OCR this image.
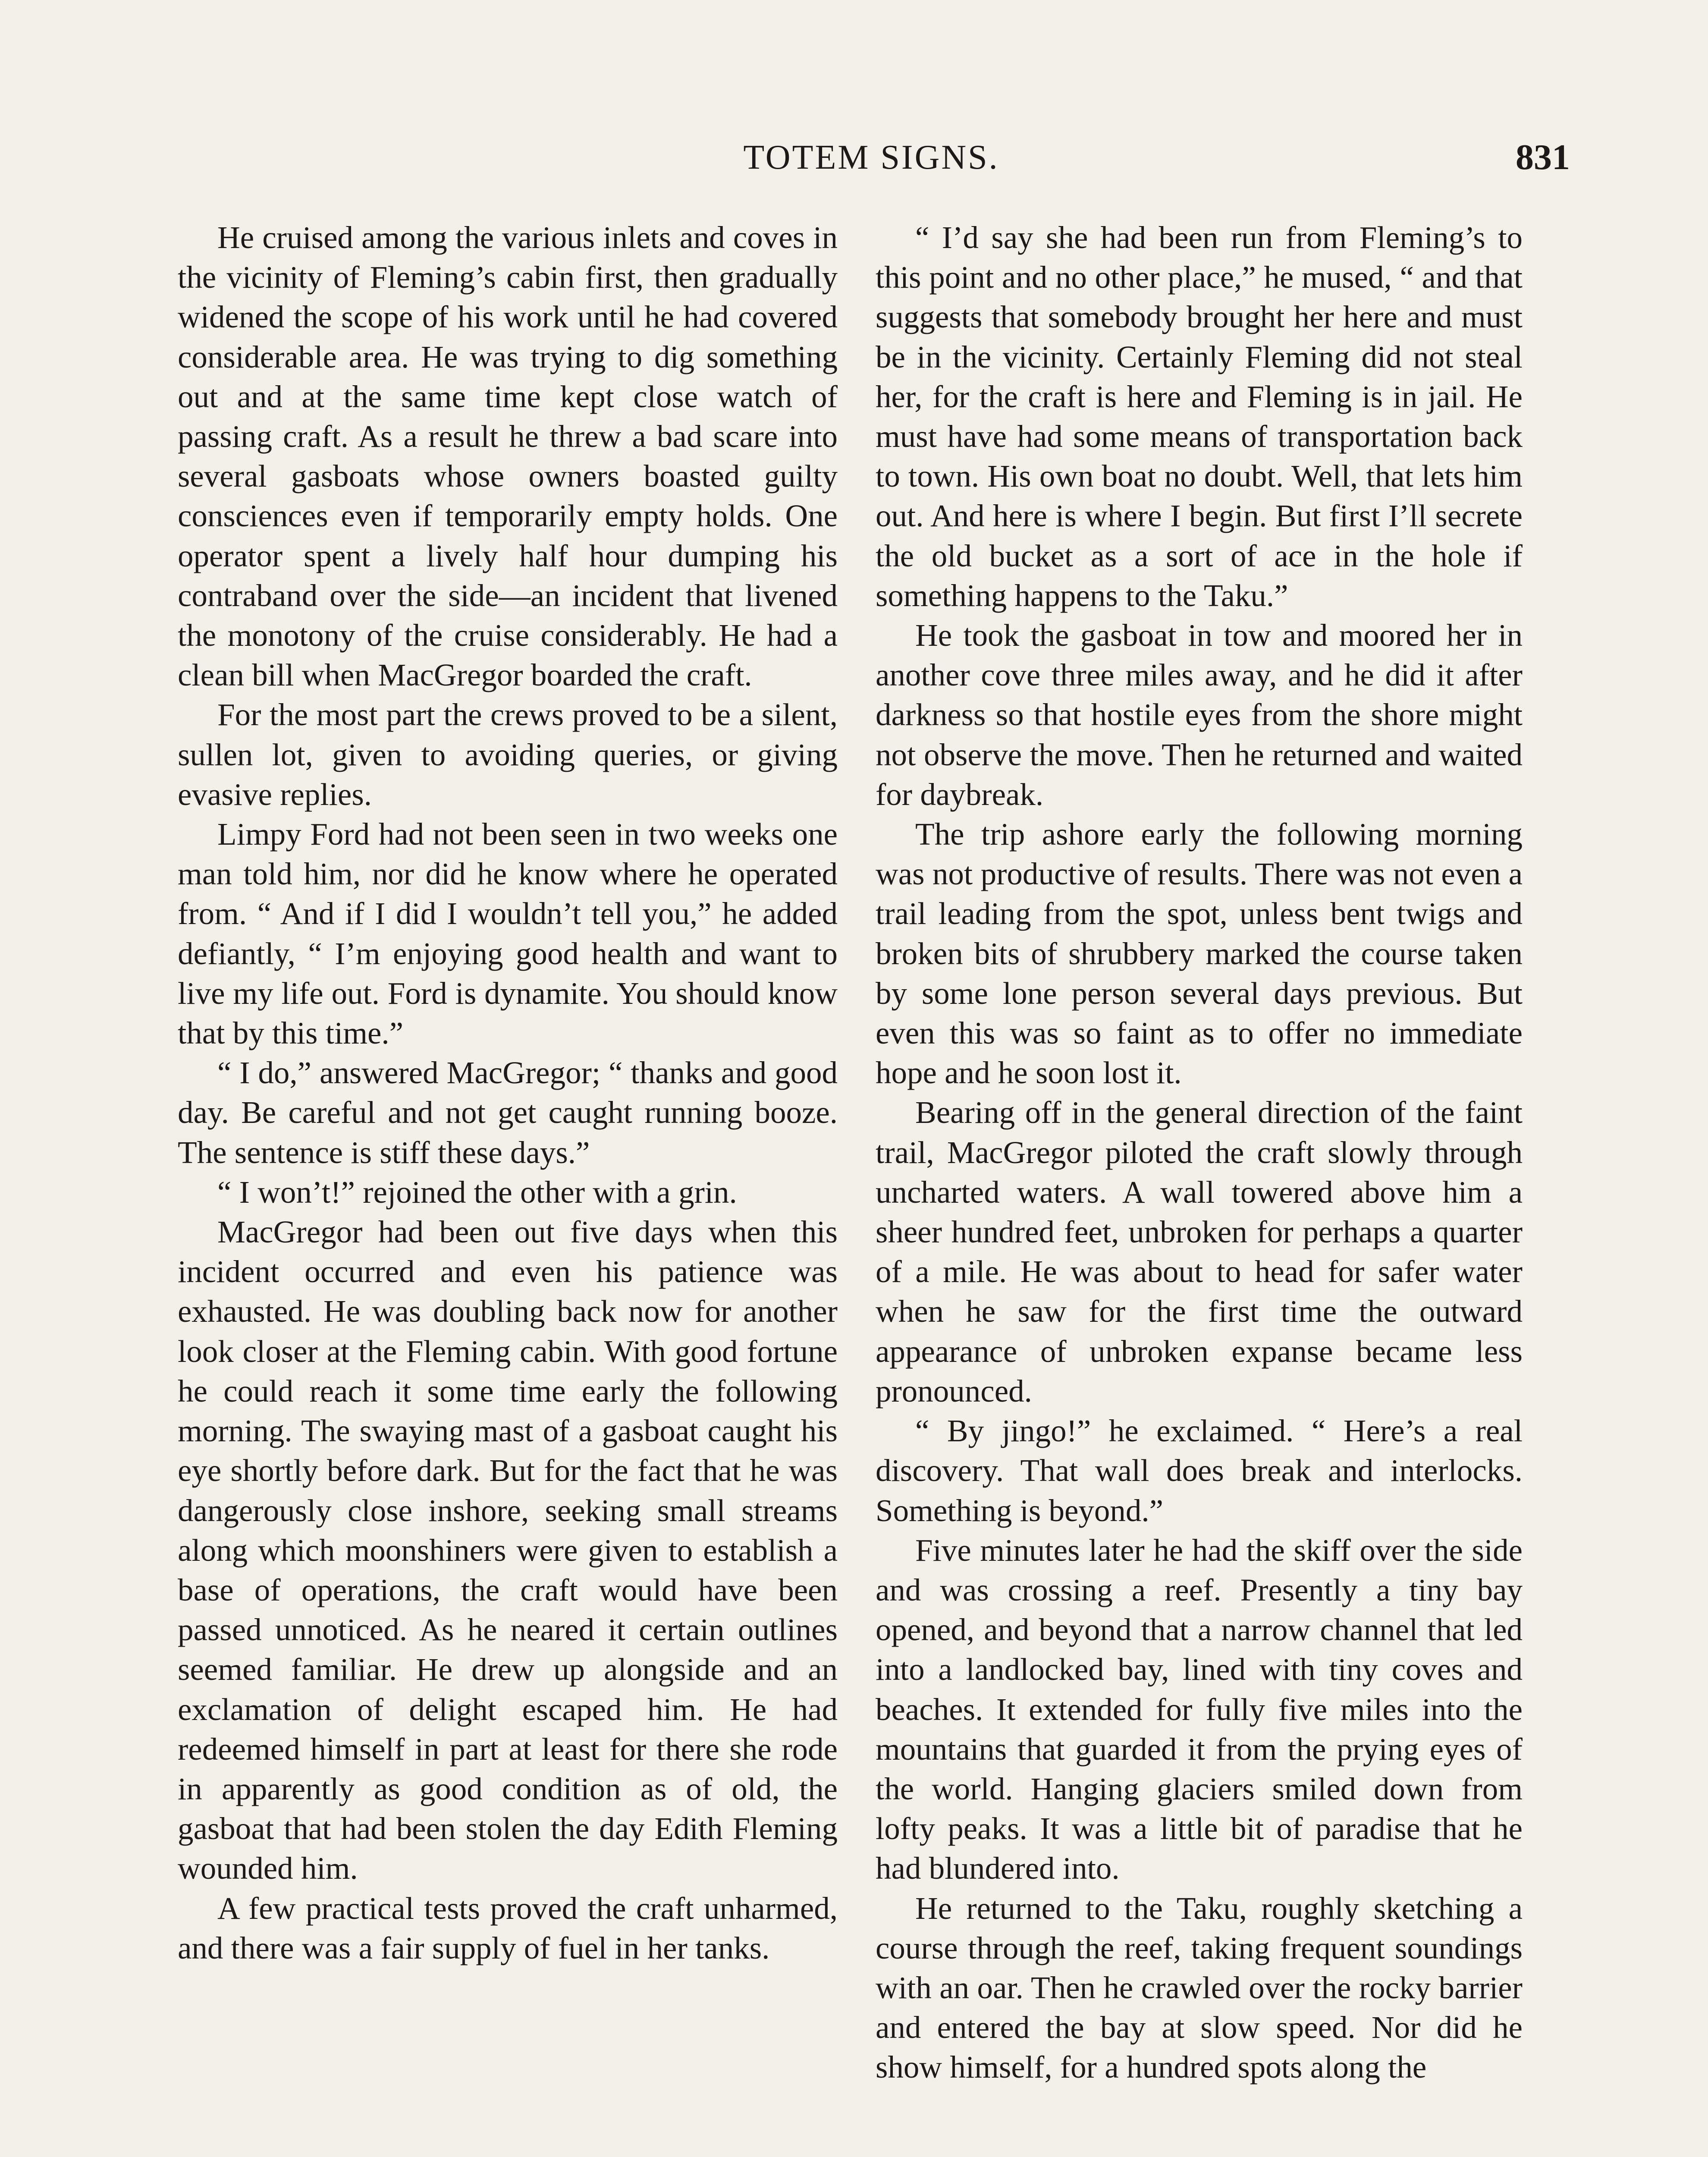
TOTEM SIGNS.	831

He cruised among the various inlets and coves in the vicinity of Fleming’s cabin first, then gradually widened the scope of his work until he had covered considerable area. He was trying to dig something out and at the same time kept close watch of passing craft. As a result he threw a bad scare into several gasboats whose owners boasted guilty consciences even if temporarily empty holds. One operator spent a lively half hour dumping his contraband over the side—an incident that livened the monotony of the cruise considerably. He had a clean bill when MacGregor boarded the craft.

For the most part the crews proved to be a silent, sullen lot, given to avoiding queries, or giving evasive replies.

Limpy Ford had not been seen in two weeks one man told him, nor did he know where he operated from. “ And if I did I wouldn’t tell you,” he added defiantly, “ I’m enjoying good health and want to live my life out. Ford is dynamite. You should know that by this time.”

“ I do,” answered MacGregor; “ thanks and good day. Be careful and not get caught running booze. The sentence is stiff these days.”

“ I won’t!” rejoined the other with a grin.

MacGregor had been out five days when this incident occurred and even his patience was exhausted. He was doubling back now for another look closer at the Fleming cabin. With good fortune he could reach it some time early the following morning. The swaying mast of a gasboat caught his eye shortly before dark. But for the fact that he was dangerously close inshore, seeking small streams along which moonshiners were given to establish a base of operations, the craft would have been passed unnoticed. As he neared it certain outlines seemed familiar. He drew up alongside and an exclamation of delight escaped him. He had redeemed himself in part at least for there she rode in apparently as good condition as of old, the gasboat that had been stolen the day Edith Fleming wounded him.

A few practical tests proved the craft unharmed, and there was a fair supply of fuel in her tanks.

“ I’d say she had been run from Fleming’s to this point and no other place,” he mused, “ and that suggests that somebody brought her here and must be in the vicinity. Certainly Fleming did not steal her, for the craft is here and Fleming is in jail. He must have had some means of transportation back to town. His own boat no doubt. Well, that lets him out. And here is where I begin. But first I’ll secrete the old bucket as a sort of ace in the hole if something happens to the Taku.”

He took the gasboat in tow and moored her in another cove three miles away, and he did it after darkness so that hostile eyes from the shore might not observe the move. Then he returned and waited for daybreak.

The trip ashore early the following morning was not productive of results. There was not even a trail leading from the spot, unless bent twigs and broken bits of shrubbery marked the course taken by some lone person several days previous. But even this was so faint as to offer no immediate hope and he soon lost it.

Bearing off in the general direction of the faint trail, MacGregor piloted the craft slowly through uncharted waters. A wall towered above him a sheer hundred feet, unbroken for perhaps a quarter of a mile. He was about to head for safer water when he saw for the first time the outward appearance of unbroken expanse became less pronounced.

“ By jingo!” he exclaimed. “ Here’s a real discovery. That wall does break and interlocks. Something is beyond.”

Five minutes later he had the skiff over the side and was crossing a reef. Presently a tiny bay opened, and beyond that a narrow channel that led into a landlocked bay, lined with tiny coves and beaches. It extended for fully five miles into the mountains that guarded it from the prying eyes of the world. Hanging glaciers smiled down from lofty peaks. It was a little bit of paradise that he had blundered into.

He returned to the Taku, roughly sketching a course through the reef, taking frequent soundings with an oar. Then he crawled over the rocky barrier and entered the bay at slow speed. Nor did he show himself, for a hundred spots along the
